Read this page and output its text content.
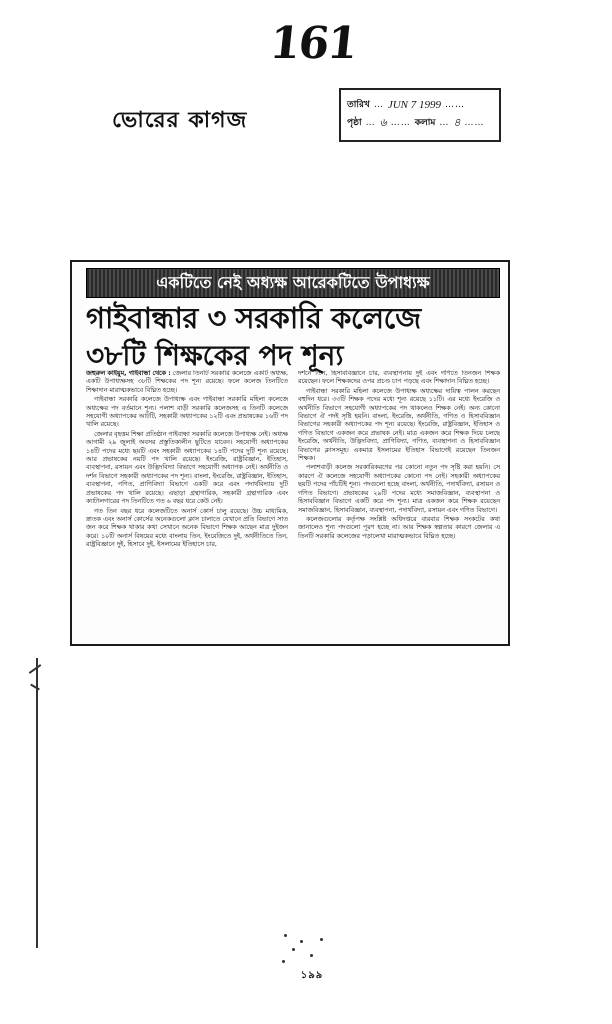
161
ভোরের কাগজ
তারিখ … JUN 7 1999 ……
পৃষ্ঠা … ৬ …… কলাম … ৪ ……
একটিতে নেই অধ্যক্ষ আরেকটিতে উপাধ্যক্ষ
গাইবান্ধার ৩ সরকারি কলেজে
৩৮টি শিক্ষকের পদ শূন্য

জহুরুল কাইয়ুম, গাইবান্ধা থেকে : জেলার তিনটি সরকারি কলেজে একটি অধ্যক্ষ, একটি উপাধ্যক্ষসহ ৩৮টি শিক্ষকের পদ শূন্য রয়েছে। ফলে কলেজ তিনটিতে শিক্ষাদান মারাত্মকভাবে বিঘ্নিত হচ্ছে।

গাইবান্ধা সরকারি কলেজে উপাধ্যক্ষ এবং গাইবান্ধা সরকারি মহিলা কলেজে অধ্যক্ষের পদ বর্তমানে শূন্য। পলাশ বাড়ী সরকারি কলেজসহ এ তিনটি কলেজে সহযোগী অধ্যাপকের আটটি, সহকারী অধ্যাপকের ১২টি এবং প্রভাষকের ১৬টি পদ খালি রয়েছে।

জেলার বৃহত্তম শিক্ষা প্রতিষ্ঠান গাইবান্ধা সরকারি কলেজে উপাধ্যক্ষ নেই। অধ্যক্ষ আগামী ২৯ জুলাই অবসর প্রস্তুতিকালীন ছুটিতে যাবেন। সহযোগী অধ্যাপকের ১৪টি পদের মধ্যে ছয়টি এবং সহকারী অধ্যাপকের ১৪টি পদের দুটি শূন্য রয়েছে। আর প্রভাষকের নয়টি পদ খালি রয়েছে। ইংরেজি, রাষ্ট্রবিজ্ঞান, ইতিহাস, ব্যবস্থাপনা, রসায়ন এবং উদ্ভিদবিদ্যা বিভাগে সহযোগী অধ্যাপক নেই। অর্থনীতি ও দর্শন বিভাগে সহকারী অধ্যাপকের পদ শূন্য। বাংলা, ইংরেজি, রাষ্ট্রবিজ্ঞান, ইতিহাস, ব্যবস্থাপনা, গণিত, প্রাণিবিদ্যা বিভাগে একটি করে এবং পদার্থবিদ্যায় দুটি প্রভাষকের পদ খালি রয়েছে। এছাড়া গ্রন্থাগারিক, সহকারী গ্রন্থাগারিক এবং ক্যাটালগারের পদ তিনটিতে গত ৬ বছর ধরে কেউ নেই।

গত তিন বছর ধরে কলেজটিতে অনার্স কোর্স চালু রয়েছে। উচ্চ মাধ্যমিক, স্নাতক এবং অনার্স কোর্সের অনেকগুলো ক্লাস চালাতে যেখানে প্রতি বিভাগে সাত জন করে শিক্ষক থাকার কথা সেখানে অনেক বিভাগে শিক্ষক আছেন মাত্র দুইজন করে। ১০টি অনার্স বিষয়ের মধ্যে বাংলায় তিন, ইংরেজিতে দুই, অর্থনীতিতে তিন, রাষ্ট্রবিজ্ঞানে দুই, হিসাবে দুই, ইসলামের ইতিহাসে চার,

দর্শনে তিন, হিসাববিজ্ঞানে চার, ব্যবস্থাপনায় দুই এবং গণিতে তিনজন শিক্ষক রয়েছেন। ফলে শিক্ষকদের ওপর প্রচণ্ড চাপ পড়ছে এবং শিক্ষাদান বিঘ্নিত হচ্ছে।

গাইবান্ধা সরকারি মহিলা কলেজে উপাধ্যক্ষ অধ্যক্ষের দায়িত্ব পালন করছেন বহুদিন ধরে। ৩৩টি শিক্ষক পদের মধ্যে শূন্য রয়েছে ১১টি। এর মধ্যে ইংরেজি ও অর্থনীতি বিভাগে সহযোগী অধ্যাপকের পদ থাকলেও শিক্ষক নেই। অন্য কোনো বিভাগে ঐ পদই সৃষ্টি হয়নি। বাংলা, ইংরেজি, অর্থনীতি, গণিত ও হিসাববিজ্ঞান বিভাগের সহকারী অধ্যাপকের পদ শূন্য রয়েছে। ইংরেজি, রাষ্ট্রবিজ্ঞান, ইতিহাস ও গণিত বিভাগে একজন করে প্রভাষক নেই। মাত্র একজন করে শিক্ষক দিয়ে চলছে ইংরেজি, অর্থনীতি, উদ্ভিদবিদ্যা, প্রাণিবিদ্যা, গণিত, ব্যবস্থাপনা ও হিসাববিজ্ঞান বিভাগের ক্লাসসমূহ। একমাত্র ইসলামের ইতিহাস বিভাগেই রয়েছেন তিনজন শিক্ষক।

পলাশবাড়ী কলেজ সরকারিকরণের পর কোনো নতুন পদ সৃষ্টি করা হয়নি। সে কারণে ঐ কলেজে সহযোগী অধ্যাপকের কোনো পদ নেই। সহকারী অধ্যাপকের ছয়টি পদের পাঁচটিই শূন্য। পদগুলো হচ্ছে বাংলা, অর্থনীতি, পদার্থবিদ্যা, রসায়ন ও গণিত বিভাগে। প্রভাষকের ২৯টি পদের মধ্যে সমাজবিজ্ঞান, ব্যবস্থাপনা ও হিসাববিজ্ঞান বিভাগে একটি করে পদ শূন্য। মাত্র একজন করে শিক্ষক রয়েছেন সমাজবিজ্ঞান, হিসাববিজ্ঞান, ব্যবস্থাপনা, পদার্থবিদ্যা, রসায়ন এবং গণিত বিভাগে।

কলেজগুলোর কর্তৃপক্ষ সংশ্লিষ্ট অধিদপ্তরে বারবার শিক্ষক সংকটের কথা জানালেও শূন্য পদগুলো পূরণ হচ্ছে না। আর শিক্ষক স্বল্পতার কারণে জেলার এ তিনটি সরকারি কলেজের পড়ালেখা মারাত্মকভাবে বিঘ্নিত হচ্ছে।

১৯৯
